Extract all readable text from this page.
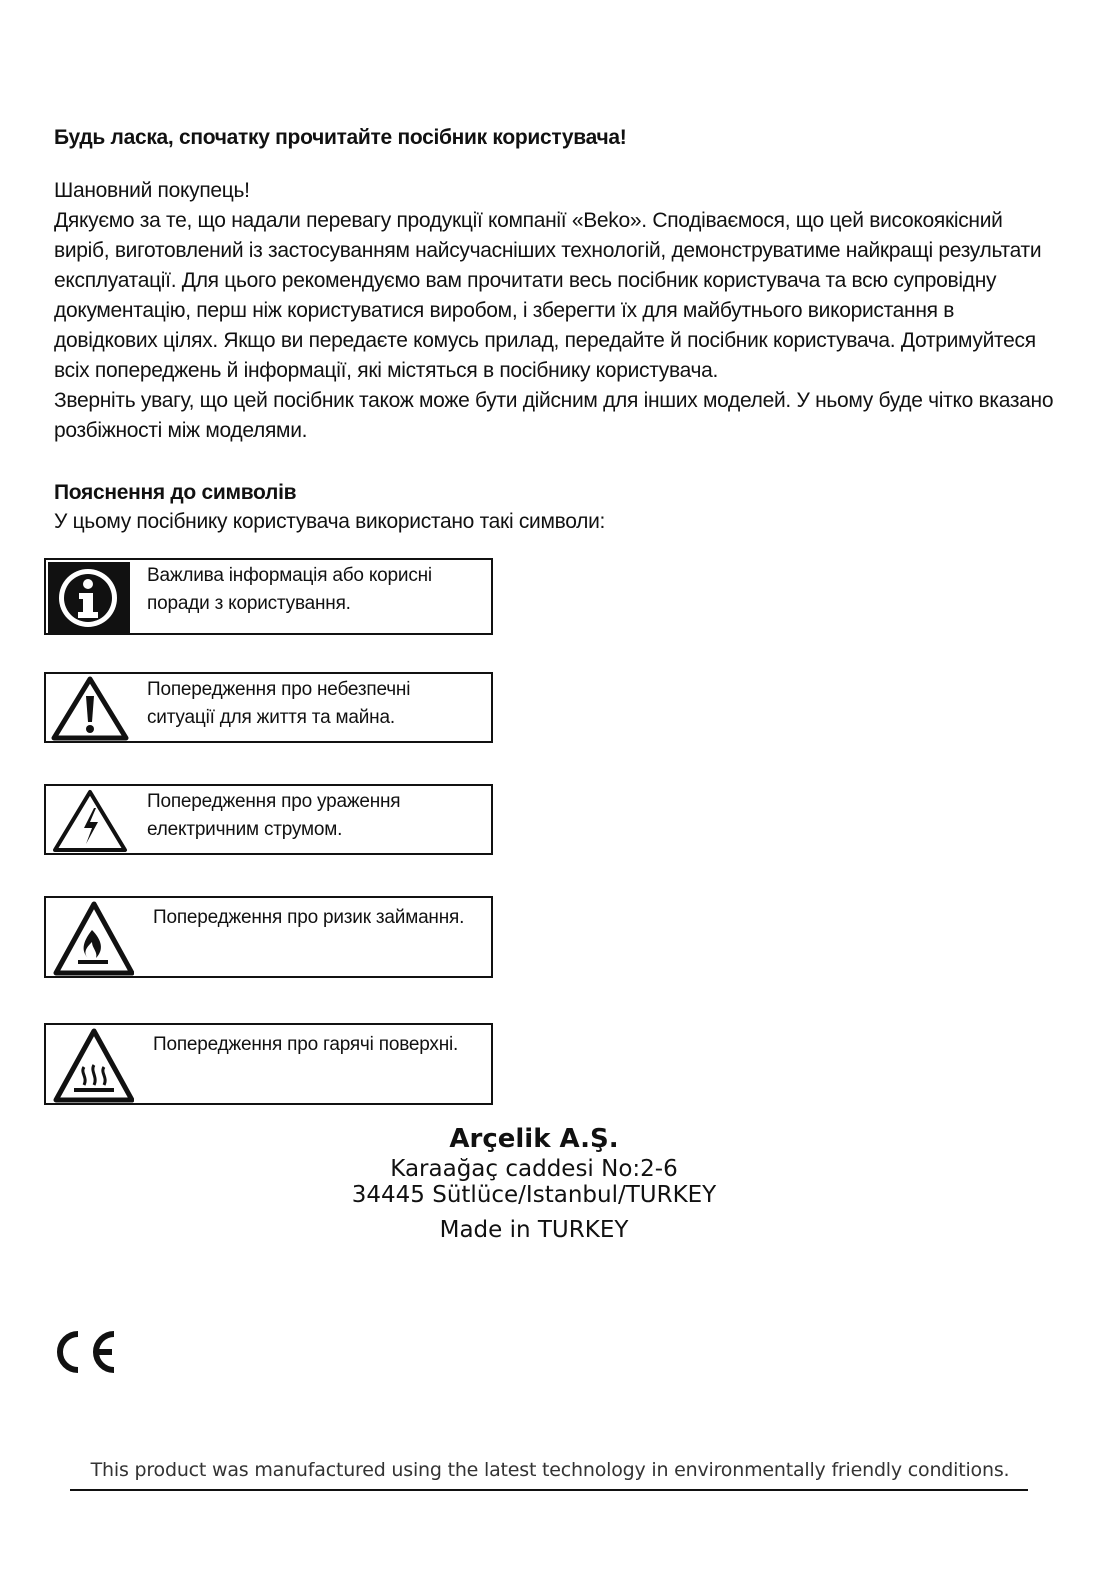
Будь ласка, спочатку прочитайте посібник користувача!

Шановний покупець!

Дякуємо за те, що надали перевагу продукції компанії «Beko». Сподіваємося, що цей високоякісний виріб, виготовлений із застосуванням найсучасніших технологій, демонструватиме найкращі результати експлуатації. Для цього рекомендуємо вам прочитати весь посібник користувача та всю супровідну документацію, перш ніж користуватися виробом, і зберегти їх для майбутнього використання в довідкових цілях. Якщо ви передаєте комусь прилад, передайте й посібник користувача. Дотримуйтеся всіх попереджень й інформації, які містяться в посібнику користувача.

Зверніть увагу, що цей посібник також може бути дійсним для інших моделей. У ньому буде чітко вказано розбіжності між моделями.

Пояснення до символів
У цьому посібнику користувача використано такі символи:
Важлива інформація або корисні
поради з користування.
Попередження про небезпечні
ситуації для життя та майна.
Попередження про ураження
електричним струмом.
Попередження про ризик займання.
Попередження про гарячі поверхні.
Arçelik A.Ş.
Karaağaç caddesi No:2-6
34445 Sütlüce/Istanbul/TURKEY
Made in TURKEY
This product was manufactured using the latest technology in environmentally friendly conditions.
